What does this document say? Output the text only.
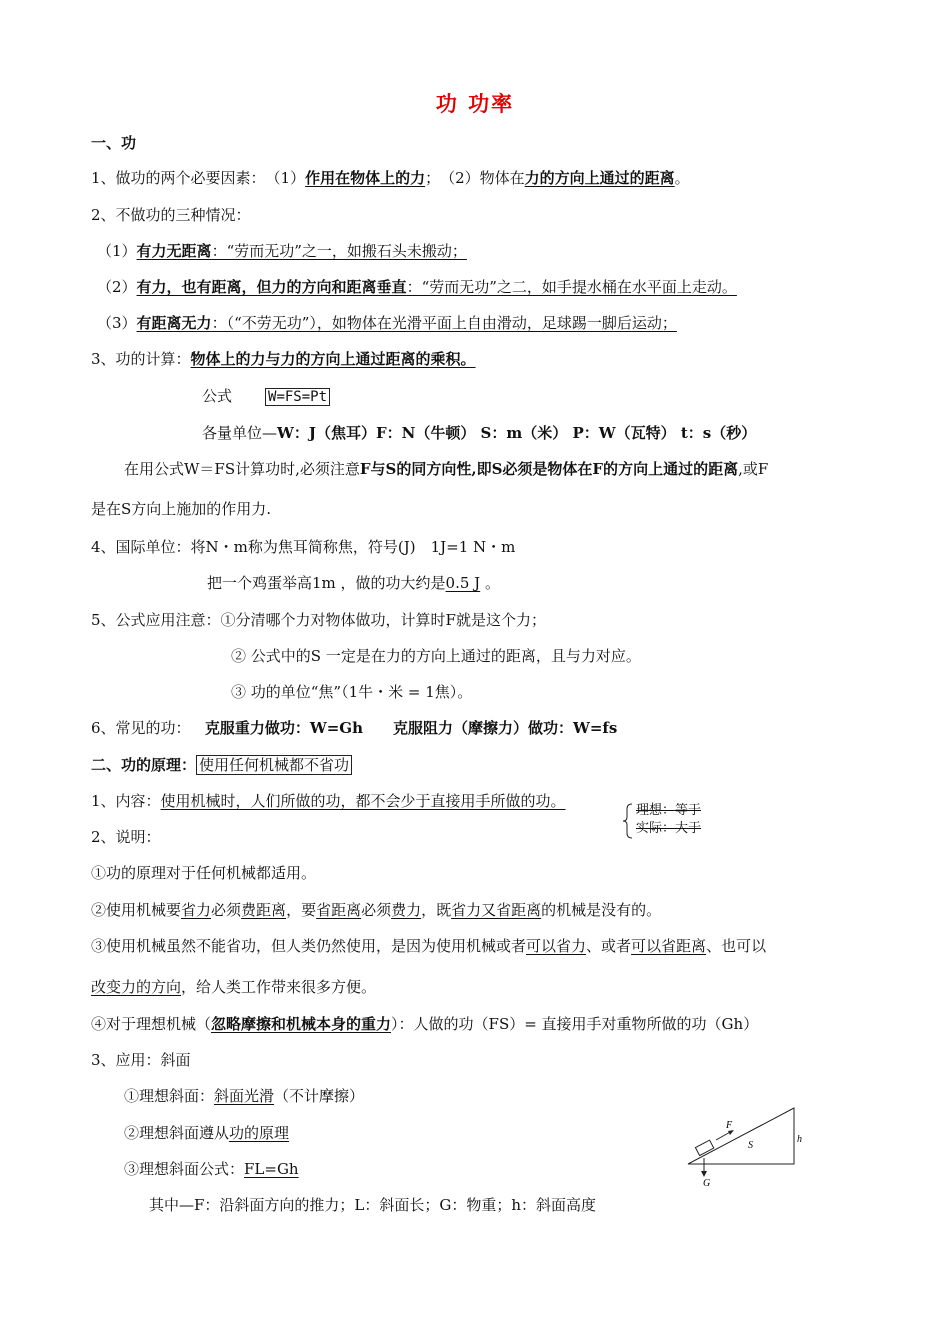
功 功率
一、功
1、做功的两个必要因素：　（1）作用在物体上的力；　（2）物体在力的方向上通过的距离。
2、不做功的三种情况：
（1）有力无距离：“劳而无功”之一，如搬石头未搬动；
（2）有力，也有距离，但力的方向和距离垂直：“劳而无功”之二，如手提水桶在水平面上走动。
（3）有距离无力：（“不劳无功”），如物体在光滑平面上自由滑动，足球踢一脚后运动；
3、功的计算：物体上的力与力的方向上通过距离的乘积。
公式	W=FS=Pt
各量单位—W：J（焦耳）F：N（牛顿） S：m（米） P：W（瓦特） t：s（秒）
在用公式W＝FS计算功时,必须注意F与S的同方向性,即S必须是物体在F的方向上通过的距离,或F
是在S方向上施加的作用力.
4、国际单位：将N・m称为焦耳简称焦，符号(J)　1J=1 N・m
把一个鸡蛋举高1m ，做的功大约是0.5 J 。
5、公式应用注意：①分清哪个力对物体做功，计算时F就是这个力；
② 公式中的S 一定是在力的方向上通过的距离，且与力对应。
③ 功的单位“焦”（1牛・米 = 1焦）。
6、常见的功： 克服重力做功：W=Gh　　克服阻力（摩擦力）做功：W=fs
二、功的原理： 使用任何机械都不省功
1、内容：使用机械时，人们所做的功，都不会少于直接用手所做的功。
理想：等于
实际：大于
2、说明：
①功的原理对于任何机械都适用。
②使用机械要省力必须费距离，要省距离必须费力，既省力又省距离的机械是没有的。
③使用机械虽然不能省功，但人类仍然使用，是因为使用机械或者可以省力、或者可以省距离、也可以
改变力的方向，给人类工作带来很多方便。
④对于理想机械（忽略摩擦和机械本身的重力）：人做的功（FS）= 直接用手对重物所做的功（Gh）
3、应用：斜面
①理想斜面：斜面光滑（不计摩擦）
②理想斜面遵从功的原理
③理想斜面公式：FL=Gh
其中—F：沿斜面方向的推力；L：斜面长；G：物重；h：斜面高度
F
S
h
G
